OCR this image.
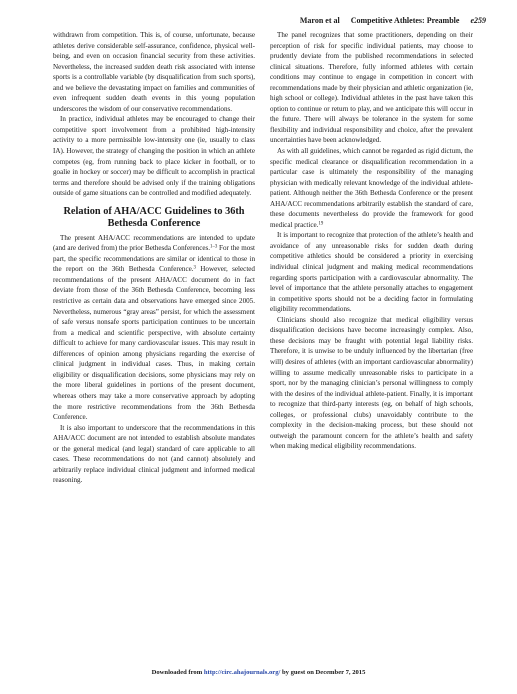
Maron et al Competitive Athletes: Preamble e259

withdrawn from competition. This is, of course, unfortunate, because athletes derive considerable self-assurance, confidence, physical well-being, and even on occasion financial security from these activities. Nevertheless, the increased sudden death risk associated with intense sports is a controllable variable (by disqualification from such sports), and we believe the devastating impact on families and communities of even infrequent sudden death events in this young population underscores the wisdom of our conservative recommendations.

In practice, individual athletes may be encouraged to change their competitive sport involvement from a prohibited high-intensity activity to a more permissible low-intensity one (ie, usually to class IA). However, the strategy of changing the position in which an athlete competes (eg, from running back to place kicker in football, or to goalie in hockey or soccer) may be difficult to accomplish in practical terms and therefore should be advised only if the training obligations outside of game situations can be controlled and modified adequately.

Relation of AHA/ACC Guidelines to 36th Bethesda Conference

The present AHA/ACC recommendations are intended to update (and are derived from) the prior Bethesda Conferences.$^{1-3}$ For the most part, the specific recommendations are similar or identical to those in the report on the 36th Bethesda Conference.$^3$ However, selected recommendations of the present AHA/ACC document do in fact deviate from those of the 36th Bethesda Conference, becoming less restrictive as certain data and observations have emerged since 2005. Nevertheless, numerous “gray areas” persist, for which the assessment of safe versus nonsafe sports participation continues to be uncertain from a medical and scientific perspective, with absolute certainty difficult to achieve for many cardiovascular issues. This may result in differences of opinion among physicians regarding the exercise of clinical judgment in individual cases. Thus, in making certain eligibility or disqualification decisions, some physicians may rely on the more liberal guidelines in portions of the present document, whereas others may take a more conservative approach by adopting the more restrictive recommendations from the 36th Bethesda Conference.

It is also important to underscore that the recommendations in this AHA/ACC document are not intended to establish absolute mandates or the general medical (and legal) standard of care applicable to all cases. These recommendations do not (and cannot) absolutely and arbitrarily replace individual clinical judgment and informed medical reasoning.

The panel recognizes that some practitioners, depending on their perception of risk for specific individual patients, may choose to prudently deviate from the published recommendations in selected clinical situations. Therefore, fully informed athletes with certain conditions may continue to engage in competition in concert with recommendations made by their physician and athletic organization (ie, high school or college). Individual athletes in the past have taken this option to continue or return to play, and we anticipate this will occur in the future. There will always be tolerance in the system for some flexibility and individual responsibility and choice, after the prevalent uncertainties have been acknowledged.

As with all guidelines, which cannot be regarded as rigid dictum, the specific medical clearance or disqualification recommendation in a particular case is ultimately the responsibility of the managing physician with medically relevant knowledge of the individual athlete-patient. Although neither the 36th Bethesda Conference or the present AHA/ACC recommendations arbitrarily establish the standard of care, these documents nevertheless do provide the framework for good medical practice.$^{19}$

It is important to recognize that protection of the athlete’s health and avoidance of any unreasonable risks for sudden death during competitive athletics should be considered a priority in exercising individual clinical judgment and making medical recommendations regarding sports participation with a cardiovascular abnormality. The level of importance that the athlete personally attaches to engagement in competitive sports should not be a deciding factor in formulating eligibility recommendations.

Clinicians should also recognize that medical eligibility versus disqualification decisions have become increasingly complex. Also, these decisions may be fraught with potential legal liability risks. Therefore, it is unwise to be unduly influenced by the libertarian (free will) desires of athletes (with an important cardiovascular abnormality) willing to assume medically unreasonable risks to participate in a sport, nor by the managing clinician’s personal willingness to comply with the desires of the individual athlete-patient. Finally, it is important to recognize that third-party interests (eg, on behalf of high schools, colleges, or professional clubs) unavoidably contribute to the complexity in the decision-making process, but these should not outweigh the paramount concern for the athlete’s health and safety when making medical eligibility recommendations.

Downloaded from http://circ.ahajournals.org/ by guest on December 7, 2015
